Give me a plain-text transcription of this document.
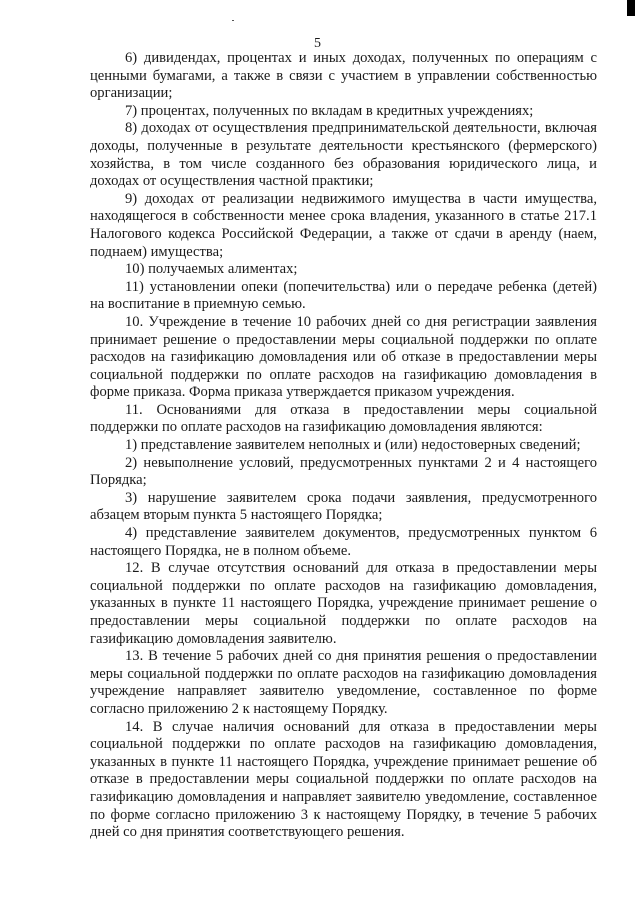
5

6) дивидендах, процентах и иных доходах, полученных по операциям с ценными бумагами, а также в связи с участием в управлении собственностью организации;

7) процентах, полученных по вкладам в кредитных учреждениях;

8) доходах от осуществления предпринимательской деятельности, включая доходы, полученные в результате деятельности крестьянского (фермерского) хозяйства, в том числе созданного без образования юридического лица, и доходах от осуществления частной практики;

9) доходах от реализации недвижимого имущества в части имущества, находящегося в собственности менее срока владения, указанного в статье 217.1 Налогового кодекса Российской Федерации, а также от сдачи в аренду (наем, поднаем) имущества;

10) получаемых алиментах;

11) установлении опеки (попечительства) или о передаче ребенка (детей) на воспитание в приемную семью.

10. Учреждение в течение 10 рабочих дней со дня регистрации заявления принимает решение о предоставлении меры социальной поддержки по оплате расходов на газификацию домовладения или об отказе в предоставлении меры социальной поддержки по оплате расходов на газификацию домовладения в форме приказа. Форма приказа утверждается приказом учреждения.

11. Основаниями для отказа в предоставлении меры социальной поддержки по оплате расходов на газификацию домовладения являются:

1) представление заявителем неполных и (или) недостоверных сведений;

2) невыполнение условий, предусмотренных пунктами 2 и 4 настоящего Порядка;

3) нарушение заявителем срока подачи заявления, предусмотренного абзацем вторым пункта 5 настоящего Порядка;

4) представление заявителем документов, предусмотренных пунктом 6 настоящего Порядка, не в полном объеме.

12. В случае отсутствия оснований для отказа в предоставлении меры социальной поддержки по оплате расходов на газификацию домовладения, указанных в пункте 11 настоящего Порядка, учреждение принимает решение о предоставлении меры социальной поддержки по оплате расходов на газификацию домовладения заявителю.

13. В течение 5 рабочих дней со дня принятия решения о предоставлении меры социальной поддержки по оплате расходов на газификацию домовладения учреждение направляет заявителю уведомление, составленное по форме согласно приложению 2 к настоящему Порядку.

14. В случае наличия оснований для отказа в предоставлении меры социальной поддержки по оплате расходов на газификацию домовладения, указанных в пункте 11 настоящего Порядка, учреждение принимает решение об отказе в предоставлении меры социальной поддержки по оплате расходов на газификацию домовладения и направляет заявителю уведомление, составленное по форме согласно приложению 3 к настоящему Порядку, в течение 5 рабочих дней со дня принятия соответствующего решения.
